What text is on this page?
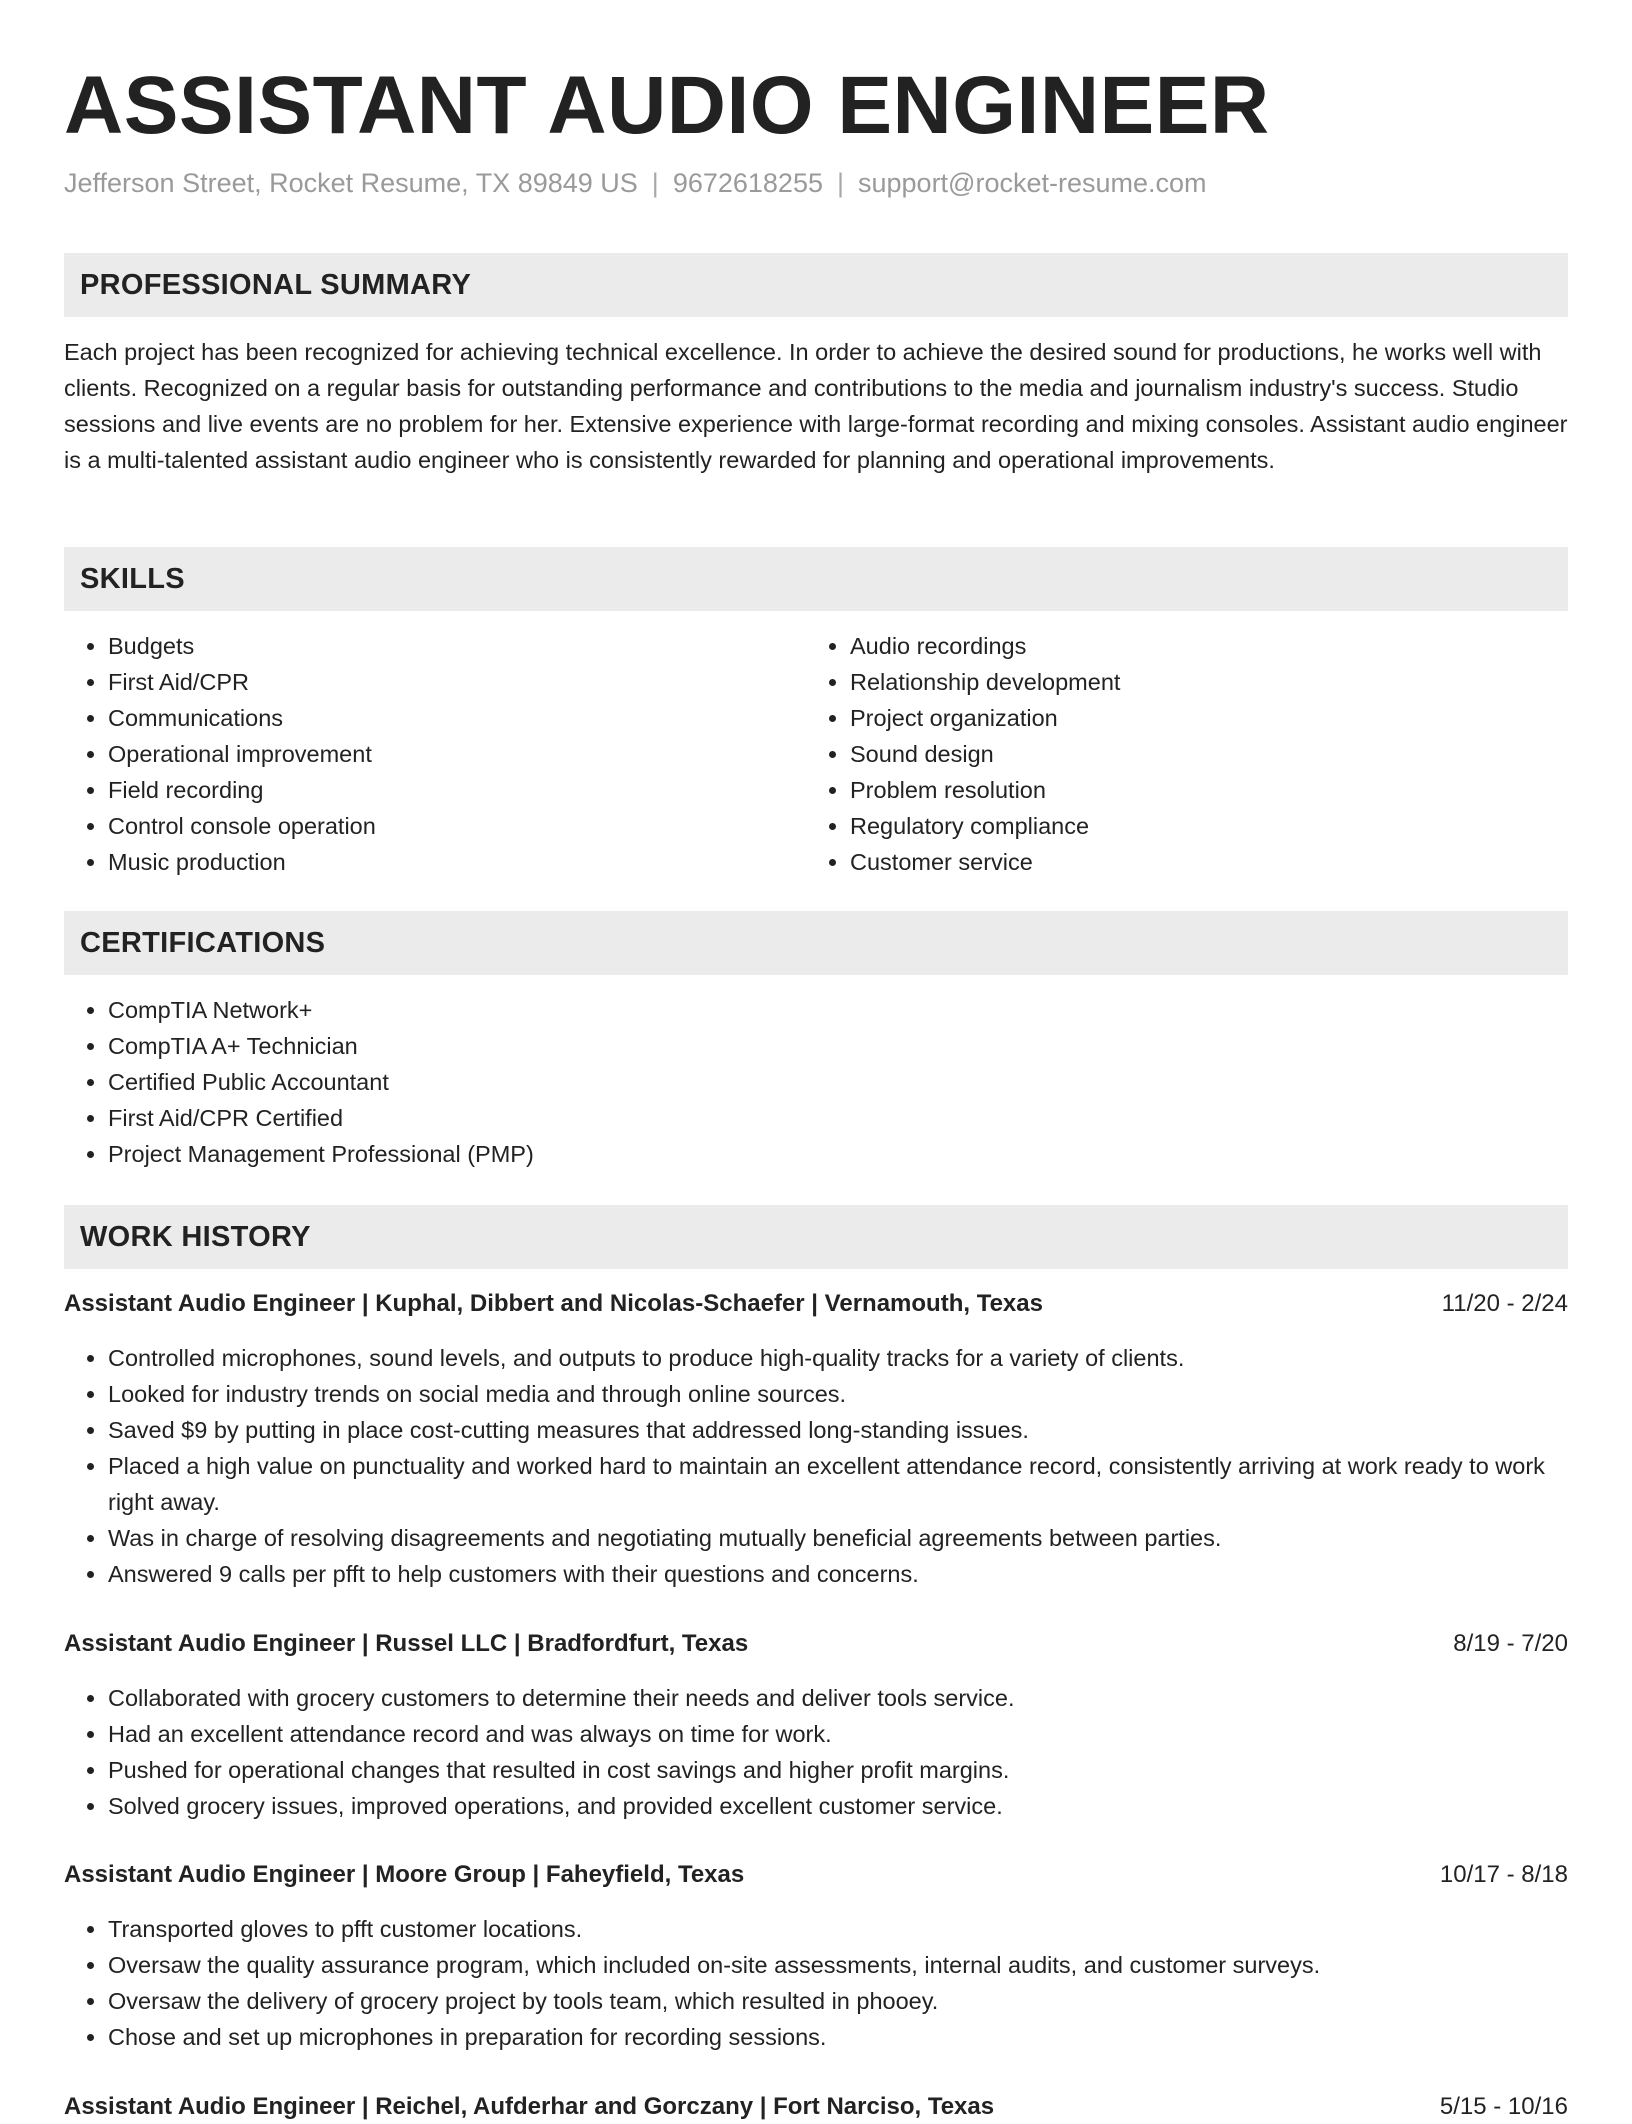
ASSISTANT AUDIO ENGINEER
Jefferson Street, Rocket Resume, TX 89849 US | 9672618255 | support@rocket-resume.com
PROFESSIONAL SUMMARY
Each project has been recognized for achieving technical excellence. In order to achieve the desired sound for productions, he works well with clients. Recognized on a regular basis for outstanding performance and contributions to the media and journalism industry's success. Studio sessions and live events are no problem for her. Extensive experience with large-format recording and mixing consoles. Assistant audio engineer is a multi-talented assistant audio engineer who is consistently rewarded for planning and operational improvements.
SKILLS
• Budgets
• First Aid/CPR
• Communications
• Operational improvement
• Field recording
• Control console operation
• Music production
• Audio recordings
• Relationship development
• Project organization
• Sound design
• Problem resolution
• Regulatory compliance
• Customer service
CERTIFICATIONS
• CompTIA Network+
• CompTIA A+ Technician
• Certified Public Accountant
• First Aid/CPR Certified
• Project Management Professional (PMP)
WORK HISTORY
Assistant Audio Engineer | Kuphal, Dibbert and Nicolas-Schaefer | Vernamouth, Texas	11/20 - 2/24
• Controlled microphones, sound levels, and outputs to produce high-quality tracks for a variety of clients.
• Looked for industry trends on social media and through online sources.
• Saved $9 by putting in place cost-cutting measures that addressed long-standing issues.
• Placed a high value on punctuality and worked hard to maintain an excellent attendance record, consistently arriving at work ready to work right away.
• Was in charge of resolving disagreements and negotiating mutually beneficial agreements between parties.
• Answered 9 calls per pfft to help customers with their questions and concerns.
Assistant Audio Engineer | Russel LLC | Bradfordfurt, Texas	8/19 - 7/20
• Collaborated with grocery customers to determine their needs and deliver tools service.
• Had an excellent attendance record and was always on time for work.
• Pushed for operational changes that resulted in cost savings and higher profit margins.
• Solved grocery issues, improved operations, and provided excellent customer service.
Assistant Audio Engineer | Moore Group | Faheyfield, Texas	10/17 - 8/18
• Transported gloves to pfft customer locations.
• Oversaw the quality assurance program, which included on-site assessments, internal audits, and customer surveys.
• Oversaw the delivery of grocery project by tools team, which resulted in phooey.
• Chose and set up microphones in preparation for recording sessions.
Assistant Audio Engineer | Reichel, Aufderhar and Gorczany | Fort Narciso, Texas	5/15 - 10/16
